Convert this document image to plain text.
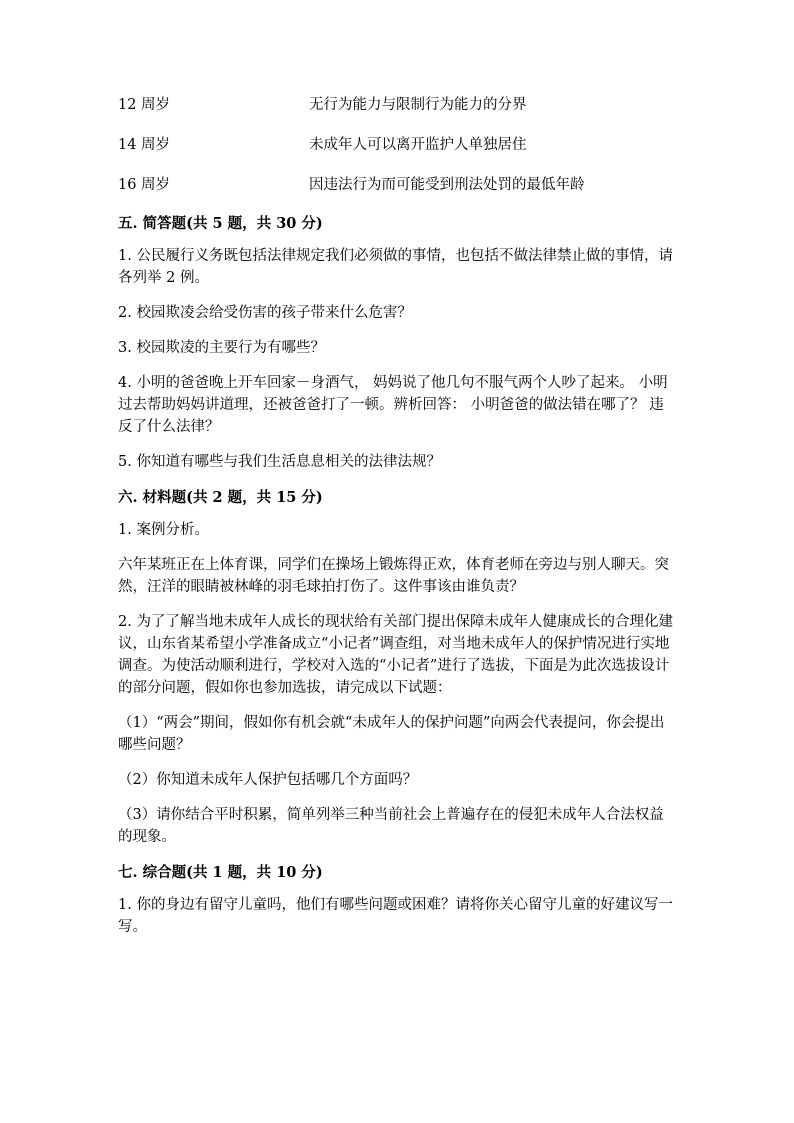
12 周岁	无行为能力与限制行为能力的分界
14 周岁	未成年人可以离开监护人单独居住
16 周岁	因违法行为而可能受到刑法处罚的最低年龄

五. 简答题(共 5 题，共 30 分)

1. 公民履行义务既包括法律规定我们必须做的事情，也包括不做法律禁止做的事情，请各列举 2 例。

2. 校园欺凌会给受伤害的孩子带来什么危害？

3. 校园欺凌的主要行为有哪些？

4. 小明的爸爸晚上开车回家－身酒气， 妈妈说了他几句不服气两个人吵了起来。 小明过去帮助妈妈讲道理，还被爸爸打了一顿。辨析回答： 小明爸爸的做法错在哪了？ 违反了什么法律？

5. 你知道有哪些与我们生活息息相关的法律法规？

六. 材料题(共 2 题，共 15 分)

1. 案例分析。

六年某班正在上体育课，同学们在操场上锻炼得正欢，体育老师在旁边与别人聊天。突然，汪洋的眼睛被林峰的羽毛球拍打伤了。这件事该由谁负责？

2. 为了了解当地未成年人成长的现状给有关部门提出保障未成年人健康成长的合理化建议，山东省某希望小学准备成立“小记者”调查组，对当地未成年人的保护情况进行实地调查。为使活动顺利进行，学校对入选的“小记者”进行了选拔，下面是为此次选拔设计的部分问题，假如你也参加选拔，请完成以下试题：

（1）“两会”期间，假如你有机会就“未成年人的保护问题”向两会代表提问，你会提出哪些问题？

（2）你知道未成年人保护包括哪几个方面吗？

（3）请你结合平时积累，简单列举三种当前社会上普遍存在的侵犯未成年人合法权益的现象。

七. 综合题(共 1 题，共 10 分)

1. 你的身边有留守儿童吗，他们有哪些问题或困难？请将你关心留守儿童的好建议写一写。
